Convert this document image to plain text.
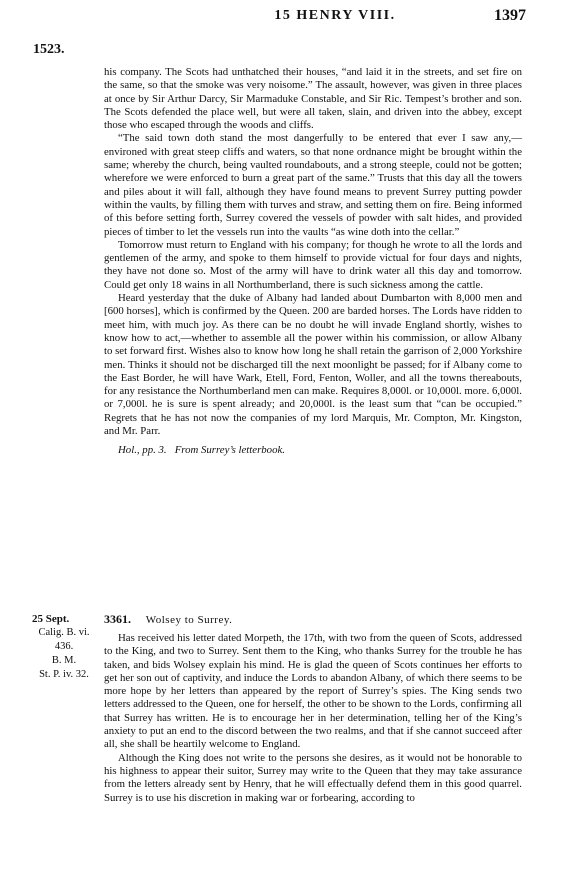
15 HENRY VIII.	1397
1523.

his company. The Scots had unthatched their houses, “and laid it in the streets, and set fire on the same, so that the smoke was very noisome.” The assault, however, was given in three places at once by Sir Arthur Darcy, Sir Marmaduke Constable, and Sir Ric. Tempest’s brother and son. The Scots defended the place well, but were all taken, slain, and driven into the abbey, except those who escaped through the woods and cliffs.

“The said town doth stand the most dangerfully to be entered that ever I saw any,—environed with great steep cliffs and waters, so that none ordnance might be brought within the same; whereby the church, being vaulted roundabouts, and a strong steeple, could not be gotten; wherefore we were enforced to burn a great part of the same.” Trusts that this day all the towers and piles about it will fall, although they have found means to prevent Surrey putting powder within the vaults, by filling them with turves and straw, and setting them on fire. Being informed of this before setting forth, Surrey covered the vessels of powder with salt hides, and provided pieces of timber to let the vessels run into the vaults “as wine doth into the cellar.”

Tomorrow must return to England with his company; for though he wrote to all the lords and gentlemen of the army, and spoke to them himself to provide victual for four days and nights, they have not done so. Most of the army will have to drink water all this day and tomorrow. Could get only 18 wains in all Northumberland, there is such sickness among the cattle.

Heard yesterday that the duke of Albany had landed about Dumbarton with 8,000 men and [600 horses], which is confirmed by the Queen. 200 are barded horses. The Lords have ridden to meet him, with much joy. As there can be no doubt he will invade England shortly, wishes to know how to act,—whether to assemble all the power within his commission, or allow Albany to set forward first. Wishes also to know how long he shall retain the garrison of 2,000 Yorkshire men. Thinks it should not be discharged till the next moonlight be passed; for if Albany come to the East Border, he will have Wark, Etell, Ford, Fenton, Woller, and all the towns thereabouts, for any resistance the Northumberland men can make. Requires 8,000l. or 10,000l. more. 6,000l. or 7,000l. he is sure is spent already; and 20,000l. is the least sum that “can be occupied.” Regrets that he has not now the companies of my lord Marquis, Mr. Compton, Mr. Kingston, and Mr. Parr.

Hol., pp. 3. From Surrey’s letterbook.

25 Sept.
Calig. B. vi.
436.
B. M.
St. P. iv. 32.
3361. Wolsey to Surrey.

Has received his letter dated Morpeth, the 17th, with two from the queen of Scots, addressed to the King, and two to Surrey. Sent them to the King, who thanks Surrey for the trouble he has taken, and bids Wolsey explain his mind. He is glad the queen of Scots continues her efforts to get her son out of captivity, and induce the Lords to abandon Albany, of which there seems to be more hope by her letters than appeared by the report of Surrey’s spies. The King sends two letters addressed to the Queen, one for herself, the other to be shown to the Lords, confirming all that Surrey has written. He is to encourage her in her determination, telling her of the King’s anxiety to put an end to the discord between the two realms, and that if she cannot succeed after all, she shall be heartily welcome to England.

Although the King does not write to the persons she desires, as it would not be honorable to his highness to appear their suitor, Surrey may write to the Queen that they may take assurance from the letters already sent by Henry, that he will effectually defend them in this good quarrel. Surrey is to use his discretion in making war or forbearing, according to
